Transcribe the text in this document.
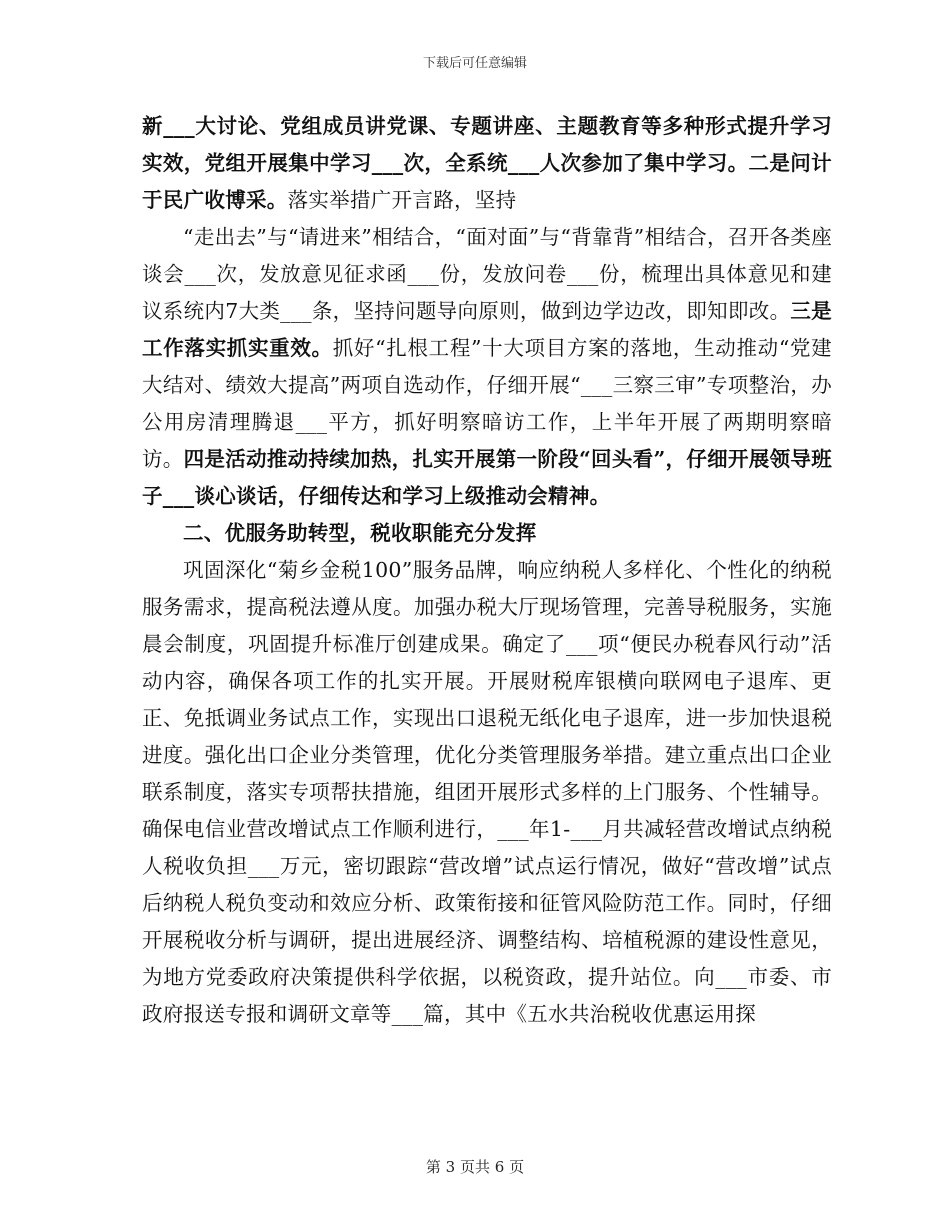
下载后可任意编辑

新___大讨论、党组成员讲党课、专题讲座、主题教育等多种形式提升学习实效，党组开展集中学习___次，全系统___人次参加了集中学习。二是问计于民广收博采。落实举措广开言路，坚持

“走出去”与“请进来”相结合，“面对面”与“背靠背”相结合，召开各类座谈会___次，发放意见征求函___份，发放问卷___份，梳理出具体意见和建议系统内7大类___条，坚持问题导向原则，做到边学边改，即知即改。三是工作落实抓实重效。抓好“扎根工程”十大项目方案的落地，生动推动“党建大结对、绩效大提高”两项自选动作，仔细开展“___三察三审”专项整治，办公用房清理腾退___平方，抓好明察暗访工作，上半年开展了两期明察暗访。四是活动推动持续加热，扎实开展第一阶段“回头看”，仔细开展领导班子___谈心谈话，仔细传达和学习上级推动会精神。

二、优服务助转型，税收职能充分发挥

巩固深化“菊乡金税100”服务品牌，响应纳税人多样化、个性化的纳税服务需求，提高税法遵从度。加强办税大厅现场管理，完善导税服务，实施晨会制度，巩固提升标准厅创建成果。确定了___项“便民办税春风行动”活动内容，确保各项工作的扎实开展。开展财税库银横向联网电子退库、更正、免抵调业务试点工作，实现出口退税无纸化电子退库，进一步加快退税进度。强化出口企业分类管理，优化分类管理服务举措。建立重点出口企业联系制度，落实专项帮扶措施，组团开展形式多样的上门服务、个性辅导。确保电信业营改增试点工作顺利进行，___年1-___月共减轻营改增试点纳税人税收负担___万元，密切跟踪“营改增”试点运行情况，做好“营改增”试点后纳税人税负变动和效应分析、政策衔接和征管风险防范工作。同时，仔细开展税收分析与调研，提出进展经济、调整结构、培植税源的建设性意见，为地方党委政府决策提供科学依据，以税资政，提升站位。向___市委、市政府报送专报和调研文章等___篇，其中《五水共治税收优惠运用探

第 3 页共 6 页
